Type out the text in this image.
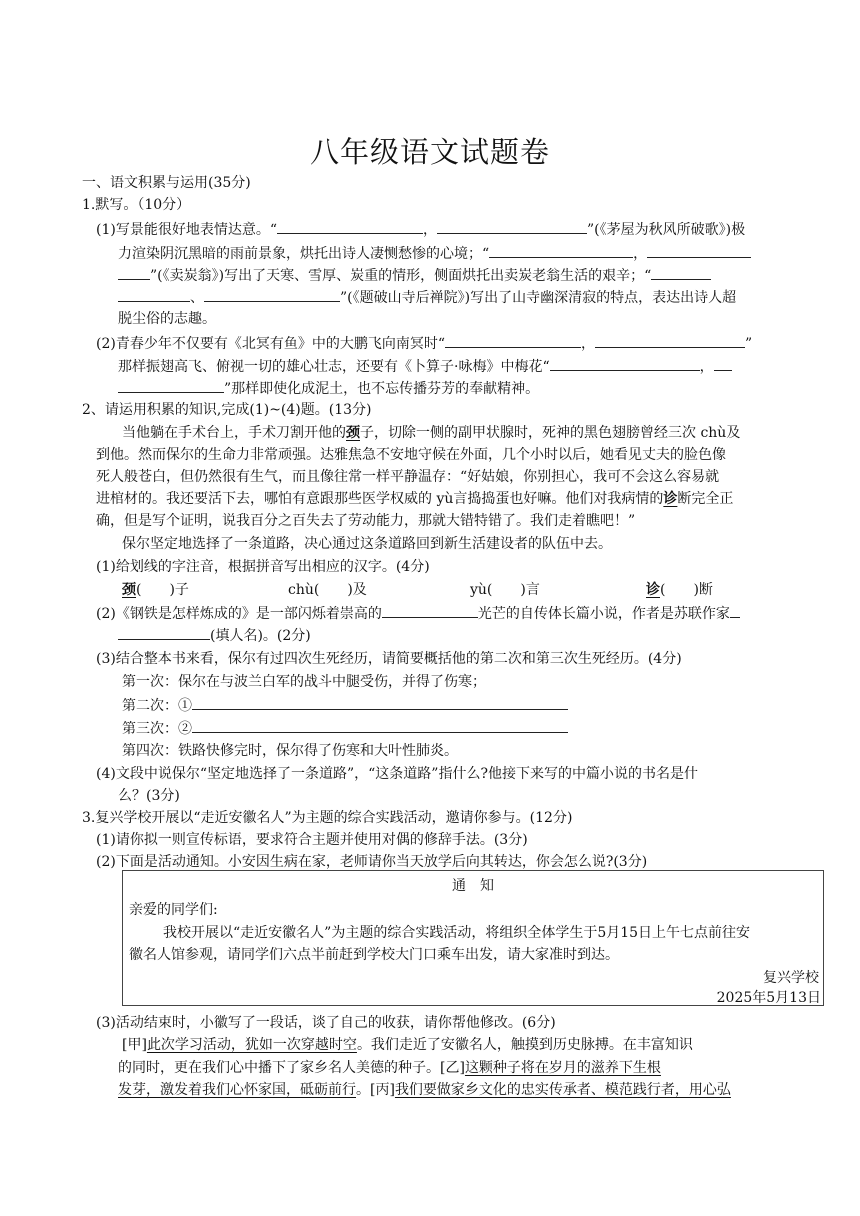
八年级语文试题卷
一、语文积累与运用(35分)
1.默写。（10分）
(1)写景能很好地表情达意。“	，	”(《茅屋为秋风所破歌》)极
力渲染阴沉黑暗的雨前景象，烘托出诗人凄恻愁惨的心境；“	，
”(《卖炭翁》)写出了天寒、雪厚、炭重的情形，侧面烘托出卖炭老翁生活的艰辛；“
、	”(《题破山寺后禅院》)写出了山寺幽深清寂的特点，表达出诗人超
脱尘俗的志趣。
(2)青春少年不仅要有《北冥有鱼》中的大鹏飞向南冥时“	，	”
那样振翅高飞、俯视一切的雄心壮志，还要有《卜算子·咏梅》中梅花“	，
”那样即使化成泥土，也不忘传播芬芳的奉献精神。
2、请运用积累的知识,完成(1)~(4)题。(13分)
当他躺在手术台上，手术刀割开他的颈子，切除一侧的副甲状腺时，死神的黑色翅膀曾经三次 chù及
到他。然而保尔的生命力非常顽强。达雅焦急不安地守候在外面，几个小时以后，她看见丈夫的脸色像
死人般苍白，但仍然很有生气，而且像往常一样平静温存：“好姑娘，你别担心，我可不会这么容易就
进棺材的。我还要活下去，哪怕有意跟那些医学权威的 yù言捣捣蛋也好嘛。他们对我病情的诊断完全正
确，但是写个证明，说我百分之百失去了劳动能力，那就大错特错了。我们走着瞧吧！”
保尔坚定地选择了一条道路，决心通过这条道路回到新生活建设者的队伍中去。
(1)给划线的字注音，根据拼音写出相应的汉字。(4分)
颈(　　)子	chù(　　)及	yù(　　)言	诊(　　)断
(2)《钢铁是怎样炼成的》是一部闪烁着崇高的	光芒的自传体长篇小说，作者是苏联作家
(填人名)。(2分)
(3)结合整本书来看，保尔有过四次生死经历，请简要概括他的第二次和第三次生死经历。(4分)
第一次：保尔在与波兰白军的战斗中腿受伤，并得了伤寒；
第二次：①
第三次：②
第四次：铁路快修完时，保尔得了伤寒和大叶性肺炎。
(4)文段中说保尔“坚定地选择了一条道路”，“这条道路”指什么?他接下来写的中篇小说的书名是什
么？(3分)
3.复兴学校开展以“走近安徽名人”为主题的综合实践活动，邀请你参与。(12分)
(1)请你拟一则宣传标语，要求符合主题并使用对偶的修辞手法。(3分)
(2)下面是活动通知。小安因生病在家，老师请你当天放学后向其转达，你会怎么说?(3分)
通　知
亲爱的同学们:
我校开展以“走近安徽名人”为主题的综合实践活动，将组织全体学生于5月15日上午七点前往安
徽名人馆参观，请同学们六点半前赶到学校大门口乘车出发，请大家准时到达。
复兴学校
2025年5月13日
(3)活动结束时，小徽写了一段话，谈了自己的收获，请你帮他修改。(6分)
[甲]此次学习活动，犹如一次穿越时空。我们走近了安徽名人，触摸到历史脉搏。在丰富知识
的同时，更在我们心中播下了家乡名人美德的种子。[乙]这颗种子将在岁月的滋养下生根
发芽，激发着我们心怀家国，砥砺前行。[丙]我们要做家乡文化的忠实传承者、模范践行者，用心弘
